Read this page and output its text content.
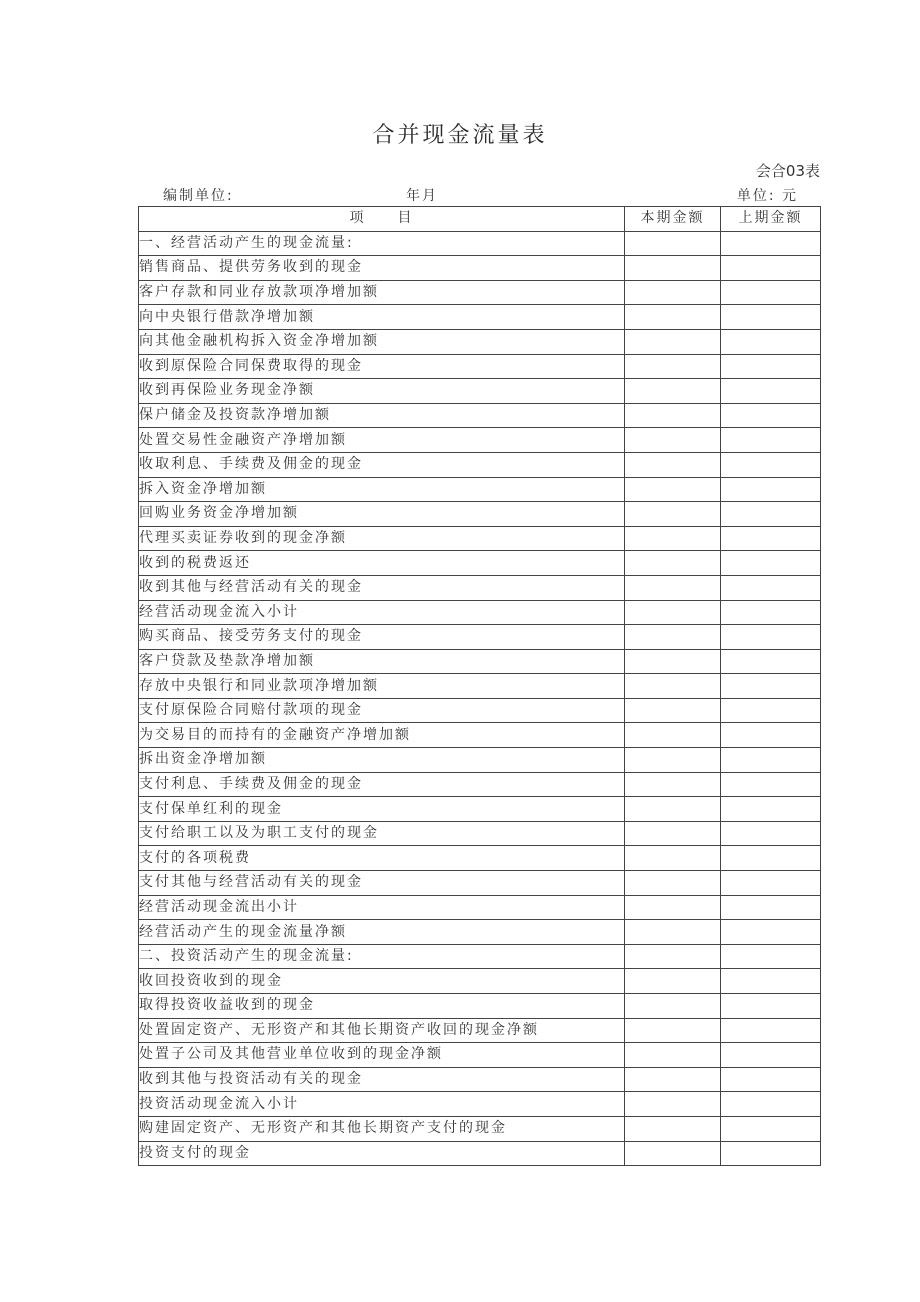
合并现金流量表
会合03表
编制单位:	年月	单位: 元
项　　目	本期金额	上期金额
一、经营活动产生的现金流量:		
销售商品、提供劳务收到的现金		
客户存款和同业存放款项净增加额		
向中央银行借款净增加额		
向其他金融机构拆入资金净增加额		
收到原保险合同保费取得的现金		
收到再保险业务现金净额		
保户储金及投资款净增加额		
处置交易性金融资产净增加额		
收取利息、手续费及佣金的现金		
拆入资金净增加额		
回购业务资金净增加额		
代理买卖证券收到的现金净额		
收到的税费返还		
收到其他与经营活动有关的现金		
经营活动现金流入小计		
购买商品、接受劳务支付的现金		
客户贷款及垫款净增加额		
存放中央银行和同业款项净增加额		
支付原保险合同赔付款项的现金		
为交易目的而持有的金融资产净增加额		
拆出资金净增加额		
支付利息、手续费及佣金的现金		
支付保单红利的现金		
支付给职工以及为职工支付的现金		
支付的各项税费		
支付其他与经营活动有关的现金		
经营活动现金流出小计		
经营活动产生的现金流量净额		
二、投资活动产生的现金流量:		
收回投资收到的现金		
取得投资收益收到的现金		
处置固定资产、无形资产和其他长期资产收回的现金净额		
处置子公司及其他营业单位收到的现金净额		
收到其他与投资活动有关的现金		
投资活动现金流入小计		
购建固定资产、无形资产和其他长期资产支付的现金		
投资支付的现金		
